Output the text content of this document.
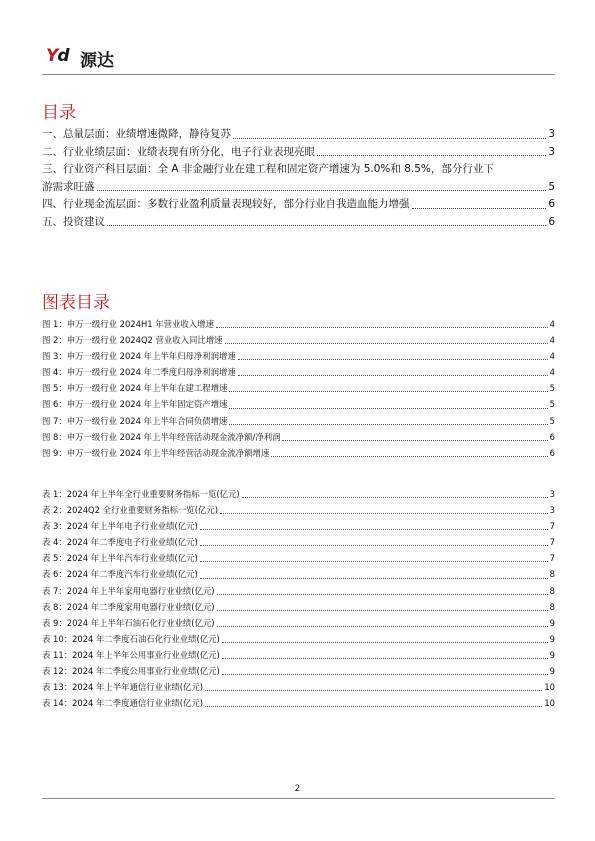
Yd 源达
目录
一、总量层面：业绩增速微降，静待复苏	3
二、行业业绩层面：业绩表现有所分化，电子行业表现亮眼	3
三、行业资产科目层面：全 A 非金融行业在建工程和固定资产增速为 5.0%和 8.5%，部分行业下
游需求旺盛	5
四、行业现金流层面：多数行业盈利质量表现较好，部分行业自我造血能力增强	6
五、投资建议	6
图表目录
图 1：申万一级行业 2024H1 年营业收入增速	4
图 2：申万一级行业 2024Q2 营业收入同比增速	4
图 3：申万一级行业 2024 年上半年归母净利润增速	4
图 4：申万一级行业 2024 年二季度归母净利润增速	4
图 5：申万一级行业 2024 年上半年在建工程增速	5
图 6：申万一级行业 2024 年上半年固定资产增速	5
图 7：申万一级行业 2024 年上半年合同负债增速	5
图 8：申万一级行业 2024 年上半年经营活动现金流净额/净利润	6
图 9：申万一级行业 2024 年上半年经营活动现金流净额增速	6
表 1：2024 年上半年全行业重要财务指标一览(亿元)	3
表 2：2024Q2 全行业重要财务指标一览(亿元)	3
表 3：2024 年上半年电子行业业绩(亿元)	7
表 4：2024 年二季度电子行业业绩(亿元)	7
表 5：2024 年上半年汽车行业业绩(亿元)	7
表 6：2024 年二季度汽车行业业绩(亿元)	8
表 7：2024 年上半年家用电器行业业绩(亿元)	8
表 8：2024 年二季度家用电器行业业绩(亿元)	8
表 9：2024 年上半年石油石化行业业绩(亿元)	9
表 10：2024 年二季度石油石化行业业绩(亿元)	9
表 11：2024 年上半年公用事业行业业绩(亿元)	9
表 12：2024 年二季度公用事业行业业绩(亿元)	9
表 13：2024 年上半年通信行业业绩(亿元)	10
表 14：2024 年二季度通信行业业绩(亿元)	10
2
